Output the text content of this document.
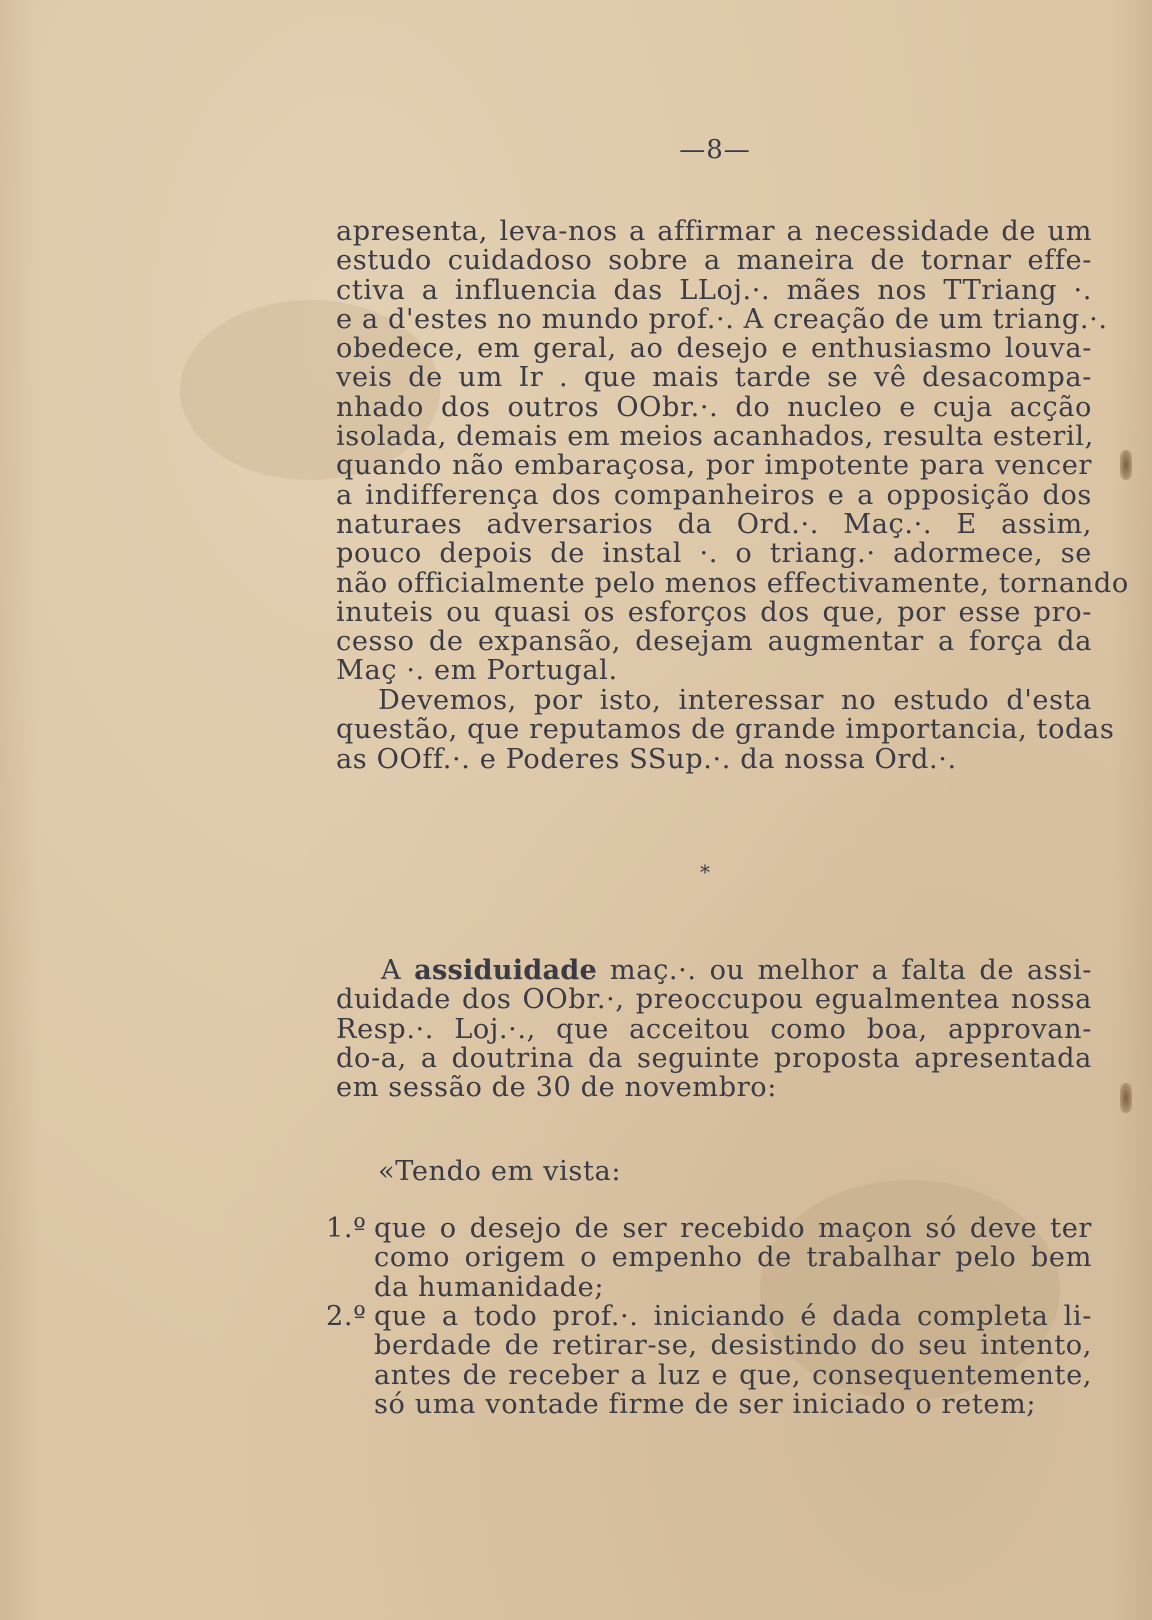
—8—
apresenta, leva-nos a affirmar a necessidade de um
estudo cuidadoso sobre a maneira de tornar effe-
ctiva a influencia das LLoj.·. mães nos TTriang ·.
e a d'estes no mundo prof.·. A creação de um triang.·.
obedece, em geral, ao desejo e enthusiasmo louva-
veis de um Ir . que mais tarde se vê desacompa-
nhado dos outros OObr.·. do nucleo e cuja acção
isolada, demais em meios acanhados, resulta esteril,
quando não embaraçosa, por impotente para vencer
a indifferença dos companheiros e a opposição dos
naturaes adversarios da Ord.·. Maç.·. E assim,
pouco depois de instal ·. o triang.· adormece, se
não officialmente pelo menos effectivamente, tornando
inuteis ou quasi os esforços dos que, por esse pro-
cesso de expansão, desejam augmentar a força da
Maç ·. em Portugal.
Devemos, por isto, interessar no estudo d'esta
questão, que reputamos de grande importancia, todas
as OOff.·. e Poderes SSup.·. da nossa Ord.·.
*
A assiduidade maç.·. ou melhor a falta de assi-
duidade dos OObr.·, preoccupou egualmentea nossa
Resp.·. Loj.·., que acceitou como boa, approvan-
do-a, a doutrina da seguinte proposta apresentada
em sessão de 30 de novembro:
«Tendo em vista:
1.º que o desejo de ser recebido maçon só deve ter
como origem o empenho de trabalhar pelo bem
da humanidade;
2.º que a todo prof.·. iniciando é dada completa li-
berdade de retirar-se, desistindo do seu intento,
antes de receber a luz e que, consequentemente,
só uma vontade firme de ser iniciado o retem;
